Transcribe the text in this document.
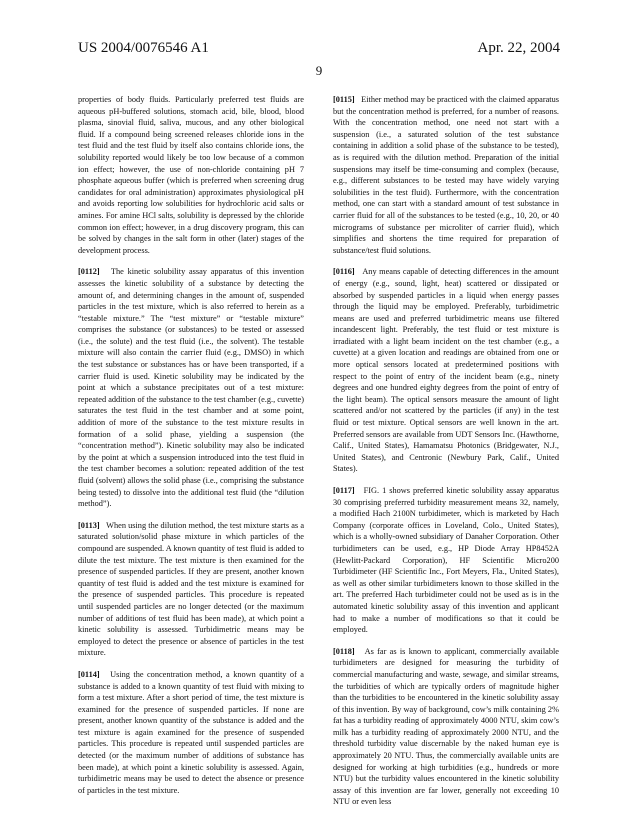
US 2004/0076546 A1	Apr. 22, 2004
9

properties of body fluids. Particularly preferred test fluids are aqueous pH-buffered solutions, stomach acid, bile, blood, blood plasma, sinovial fluid, saliva, mucous, and any other biological fluid. If a compound being screened releases chloride ions in the test fluid and the test fluid by itself also contains chloride ions, the solubility reported would likely be too low because of a common ion effect; however, the use of non-chloride containing pH 7 phosphate aqueous buffer (which is preferred when screening drug candidates for oral administration) approximates physiological pH and avoids reporting low solubilities for hydrochloric acid salts or amines. For amine HCl salts, solubility is depressed by the chloride common ion effect; however, in a drug discovery program, this can be solved by changes in the salt form in other (later) stages of the development process.

[0112] The kinetic solubility assay apparatus of this invention assesses the kinetic solubility of a substance by detecting the amount of, and determining changes in the amount of, suspended particles in the test mixture, which is also referred to herein as a “testable mixture.” The “test mixture” or “testable mixture” comprises the substance (or substances) to be tested or assessed (i.e., the solute) and the test fluid (i.e., the solvent). The testable mixture will also contain the carrier fluid (e.g., DMSO) in which the test substance or substances has or have been transported, if a carrier fluid is used. Kinetic solubility may be indicated by the point at which a substance precipitates out of a test mixture: repeated addition of the substance to the test chamber (e.g., cuvette) saturates the test fluid in the test chamber and at some point, addition of more of the substance to the test mixture results in formation of a solid phase, yielding a suspension (the “concentration method”). Kinetic solubility may also be indicated by the point at which a suspension introduced into the test fluid in the test chamber becomes a solution: repeated addition of the test fluid (solvent) allows the solid phase (i.e., comprising the substance being tested) to dissolve into the additional test fluid (the “dilution method”).

[0113] When using the dilution method, the test mixture starts as a saturated solution/solid phase mixture in which particles of the compound are suspended. A known quantity of test fluid is added to dilute the test mixture. The test mixture is then examined for the presence of suspended particles. If they are present, another known quantity of test fluid is added and the test mixture is examined for the presence of suspended particles. This procedure is repeated until suspended particles are no longer detected (or the maximum number of additions of test fluid has been made), at which point a kinetic solubility is assessed. Turbidimetric means may be employed to detect the presence or absence of particles in the test mixture.

[0114] Using the concentration method, a known quantity of a substance is added to a known quantity of test fluid with mixing to form a test mixture. After a short period of time, the test mixture is examined for the presence of suspended particles. If none are present, another known quantity of the substance is added and the test mixture is again examined for the presence of suspended particles. This procedure is repeated until suspended particles are detected (or the maximum number of additions of substance has been made), at which point a kinetic solubility is assessed. Again, turbidimetric means may be used to detect the absence or presence of particles in the test mixture.

[0115] Either method may be practiced with the claimed apparatus but the concentration method is preferred, for a number of reasons. With the concentration method, one need not start with a suspension (i.e., a saturated solution of the test substance containing in addition a solid phase of the substance to be tested), as is required with the dilution method. Preparation of the initial suspensions may itself be time-consuming and complex (because, e.g., different substances to be tested may have widely varying solubilities in the test fluid). Furthermore, with the concentration method, one can start with a standard amount of test substance in carrier fluid for all of the substances to be tested (e.g., 10, 20, or 40 micrograms of substance per microliter of carrier fluid), which simplifies and shortens the time required for preparation of substance/test fluid solutions.

[0116] Any means capable of detecting differences in the amount of energy (e.g., sound, light, heat) scattered or dissipated or absorbed by suspended particles in a liquid when energy passes through the liquid may be employed. Preferably, turbidimetric means are used and preferred turbidimetric means use filtered incandescent light. Preferably, the test fluid or test mixture is irradiated with a light beam incident on the test chamber (e.g., a cuvette) at a given location and readings are obtained from one or more optical sensors located at predetermined positions with respect to the point of entry of the incident beam (e.g., ninety degrees and one hundred eighty degrees from the point of entry of the light beam). The optical sensors measure the amount of light scattered and/or not scattered by the particles (if any) in the test fluid or test mixture. Optical sensors are well known in the art. Preferred sensors are available from UDT Sensors Inc. (Hawthorne, Calif., United States), Hamamatsu Photonics (Bridgewater, N.J., United States), and Centronic (Newbury Park, Calif., United States).

[0117] FIG. 1 shows preferred kinetic solubility assay apparatus 30 comprising preferred turbidity measurement means 32, namely, a modified Hach 2100N turbidimeter, which is marketed by Hach Company (corporate offices in Loveland, Colo., United States), which is a wholly-owned subsidiary of Danaher Corporation. Other turbidimeters can be used, e.g., HP Diode Array HP8452A (Hewlitt-Packard Corporation), HF Scientific Micro200 Turbidimeter (HF Scientific Inc., Fort Meyers, Fla., United States), as well as other similar turbidimeters known to those skilled in the art. The preferred Hach turbidimeter could not be used as is in the automated kinetic solubility assay of this invention and applicant had to make a number of modifications so that it could be employed.

[0118] As far as is known to applicant, commercially available turbidimeters are designed for measuring the turbidity of commercial manufacturing and waste, sewage, and similar streams, the turbidities of which are typically orders of magnitude higher than the turbidities to be encountered in the kinetic solubility assay of this invention. By way of background, cow’s milk containing 2% fat has a turbidity reading of approximately 4000 NTU, skim cow’s milk has a turbidity reading of approximately 2000 NTU, and the threshold turbidity value discernable by the naked human eye is approximately 20 NTU. Thus, the commercially available units are designed for working at high turbidities (e.g., hundreds or more NTU) but the turbidity values encountered in the kinetic solubility assay of this invention are far lower, generally not exceeding 10 NTU or even less
